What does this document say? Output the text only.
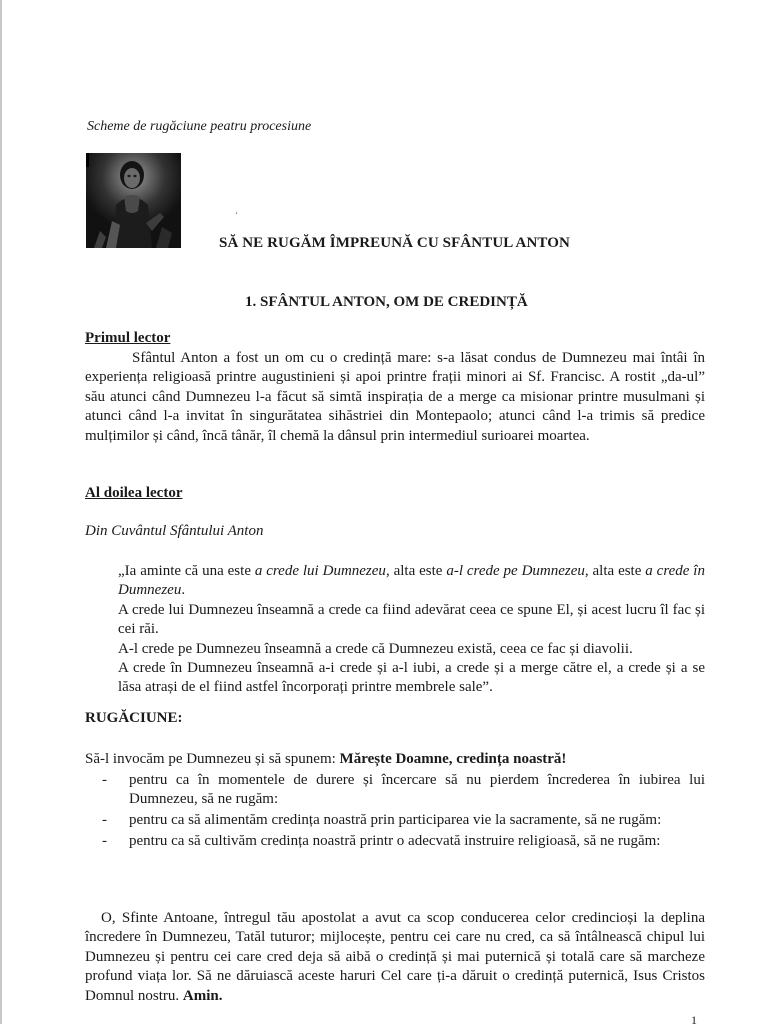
Scheme de rugăciune peatru procesiune
‘
SĂ NE RUGĂM ÎMPREUNĂ CU SFÂNTUL ANTON
1. SFÂNTUL ANTON, OM DE CREDINȚĂ
Primul lector
Sfântul Anton a fost un om cu o credință mare: s-a lăsat condus de Dumnezeu mai întâi în experiența religioasă printre augustinieni și apoi printre frații minori ai Sf. Francisc. A rostit „da-ul” său atunci când Dumnezeu l-a făcut să simtă inspirația de a merge ca misionar printre musulmani și atunci când l-a invitat în singurătatea sihăstriei din Montepaolo; atunci când l-a trimis să predice mulțimilor și când, încă tânăr, îl chemă la dânsul prin intermediul surioarei moartea.
Al doilea lector
Din Cuvântul Sfântului Anton

„Ia aminte că una este a crede lui Dumnezeu, alta este a-l crede pe Dumnezeu, alta este a crede în Dumnezeu.

A crede lui Dumnezeu înseamnă a crede ca fiind adevărat ceea ce spune El, și acest lucru îl fac și cei răi.

A-l crede pe Dumnezeu înseamnă a crede că Dumnezeu există, ceea ce fac și diavolii.

A crede în Dumnezeu înseamnă a-i crede și a-l iubi, a crede și a merge către el, a crede și a se lăsa atrași de el fiind astfel încorporați printre membrele sale”.

RUGĂCIUNE:
Să-l invocăm pe Dumnezeu și să spunem: Mărește Doamne, credința noastră!
- pentru ca în momentele de durere și încercare să nu pierdem încrederea în iubirea lui Dumnezeu, să ne rugăm:
- pentru ca să alimentăm credința noastră prin participarea vie la sacramente, să ne rugăm:
- pentru ca să cultivăm credința noastră printr o adecvată instruire religioasă, să ne rugăm:
O, Sfinte Antoane, întregul tău apostolat a avut ca scop conducerea celor credincioși la deplina încredere în Dumnezeu, Tatăl tuturor; mijlocește, pentru cei care nu cred, ca să întâlnească chipul lui Dumnezeu și pentru cei care cred deja să aibă o credință și mai puternică și totală care să marcheze profund viața lor. Să ne dăruiască aceste haruri Cel care ți-a dăruit o credință puternică, Isus Cristos Domnul nostru. Amin.
1
